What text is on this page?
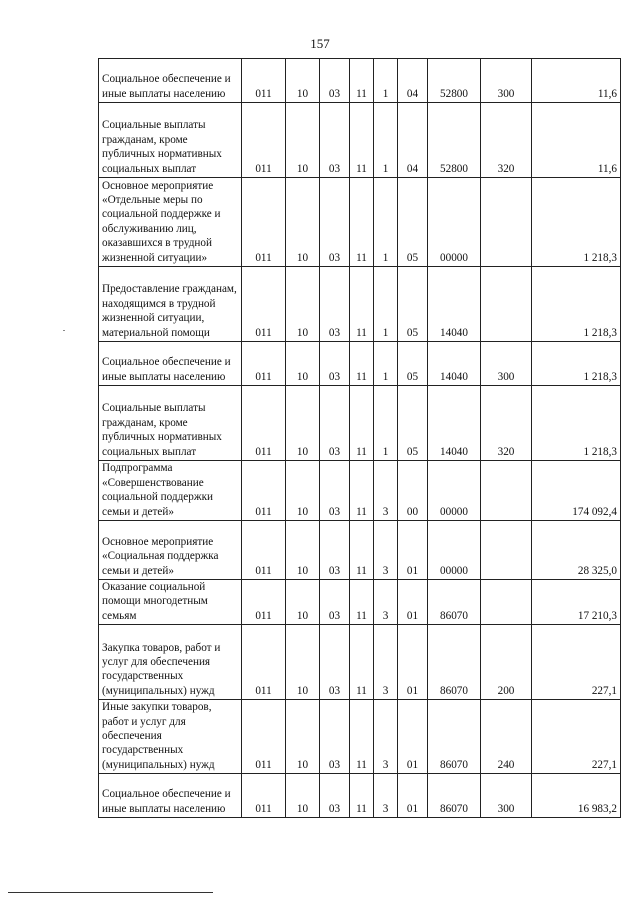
157
Социальное обеспечение и иные выплаты населению	011	10	03	11	1	04	52800	300	11,6
Социальные выплаты гражданам, кроме публичных нормативных социальных выплат	011	10	03	11	1	04	52800	320	11,6
Основное мероприятие «Отдельные меры по социальной поддержке и обслуживанию лиц, оказавшихся в трудной жизненной ситуации»	011	10	03	11	1	05	00000		1 218,3
Предоставление гражданам, находящимся в трудной жизненной ситуации, материальной помощи	011	10	03	11	1	05	14040		1 218,3
Социальное обеспечение и иные выплаты населению	011	10	03	11	1	05	14040	300	1 218,3
Социальные выплаты гражданам, кроме публичных нормативных социальных выплат	011	10	03	11	1	05	14040	320	1 218,3
Подпрограмма «Совершенствование социальной поддержки семьи и детей»	011	10	03	11	3	00	00000		174 092,4
Основное мероприятие «Социальная поддержка семьи и детей»	011	10	03	11	3	01	00000		28 325,0
Оказание социальной помощи многодетным семьям	011	10	03	11	3	01	86070		17 210,3
Закупка товаров, работ и услуг для обеспечения государственных (муниципальных) нужд	011	10	03	11	3	01	86070	200	227,1
Иные закупки товаров, работ и услуг для обеспечения государственных (муниципальных) нужд	011	10	03	11	3	01	86070	240	227,1
Социальное обеспечение и иные выплаты населению	011	10	03	11	3	01	86070	300	16 983,2
